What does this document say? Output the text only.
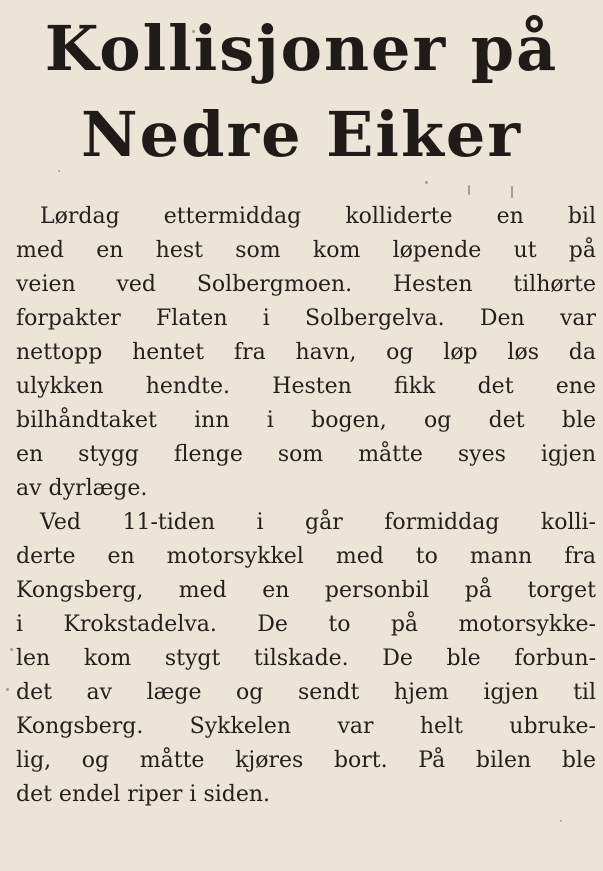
Kollisjoner på
Nedre Eiker
Lørdag ettermiddag kolliderte en bil
med en hest som kom løpende ut på
veien ved Solbergmoen. Hesten tilhørte
forpakter Flaten i Solbergelva. Den var
nettopp hentet fra havn, og løp løs da
ulykken hendte. Hesten fikk det ene
bilhåndtaket inn i bogen, og det ble
en stygg flenge som måtte syes igjen
av dyrlæge.
Ved 11-tiden i går formiddag kolli-
derte en motorsykkel med to mann fra
Kongsberg, med en personbil på torget
i Krokstadelva. De to på motorsykke-
len kom stygt tilskade. De ble forbun-
det av læge og sendt hjem igjen til
Kongsberg. Sykkelen var helt ubruke-
lig, og måtte kjøres bort. På bilen ble
det endel riper i siden.
